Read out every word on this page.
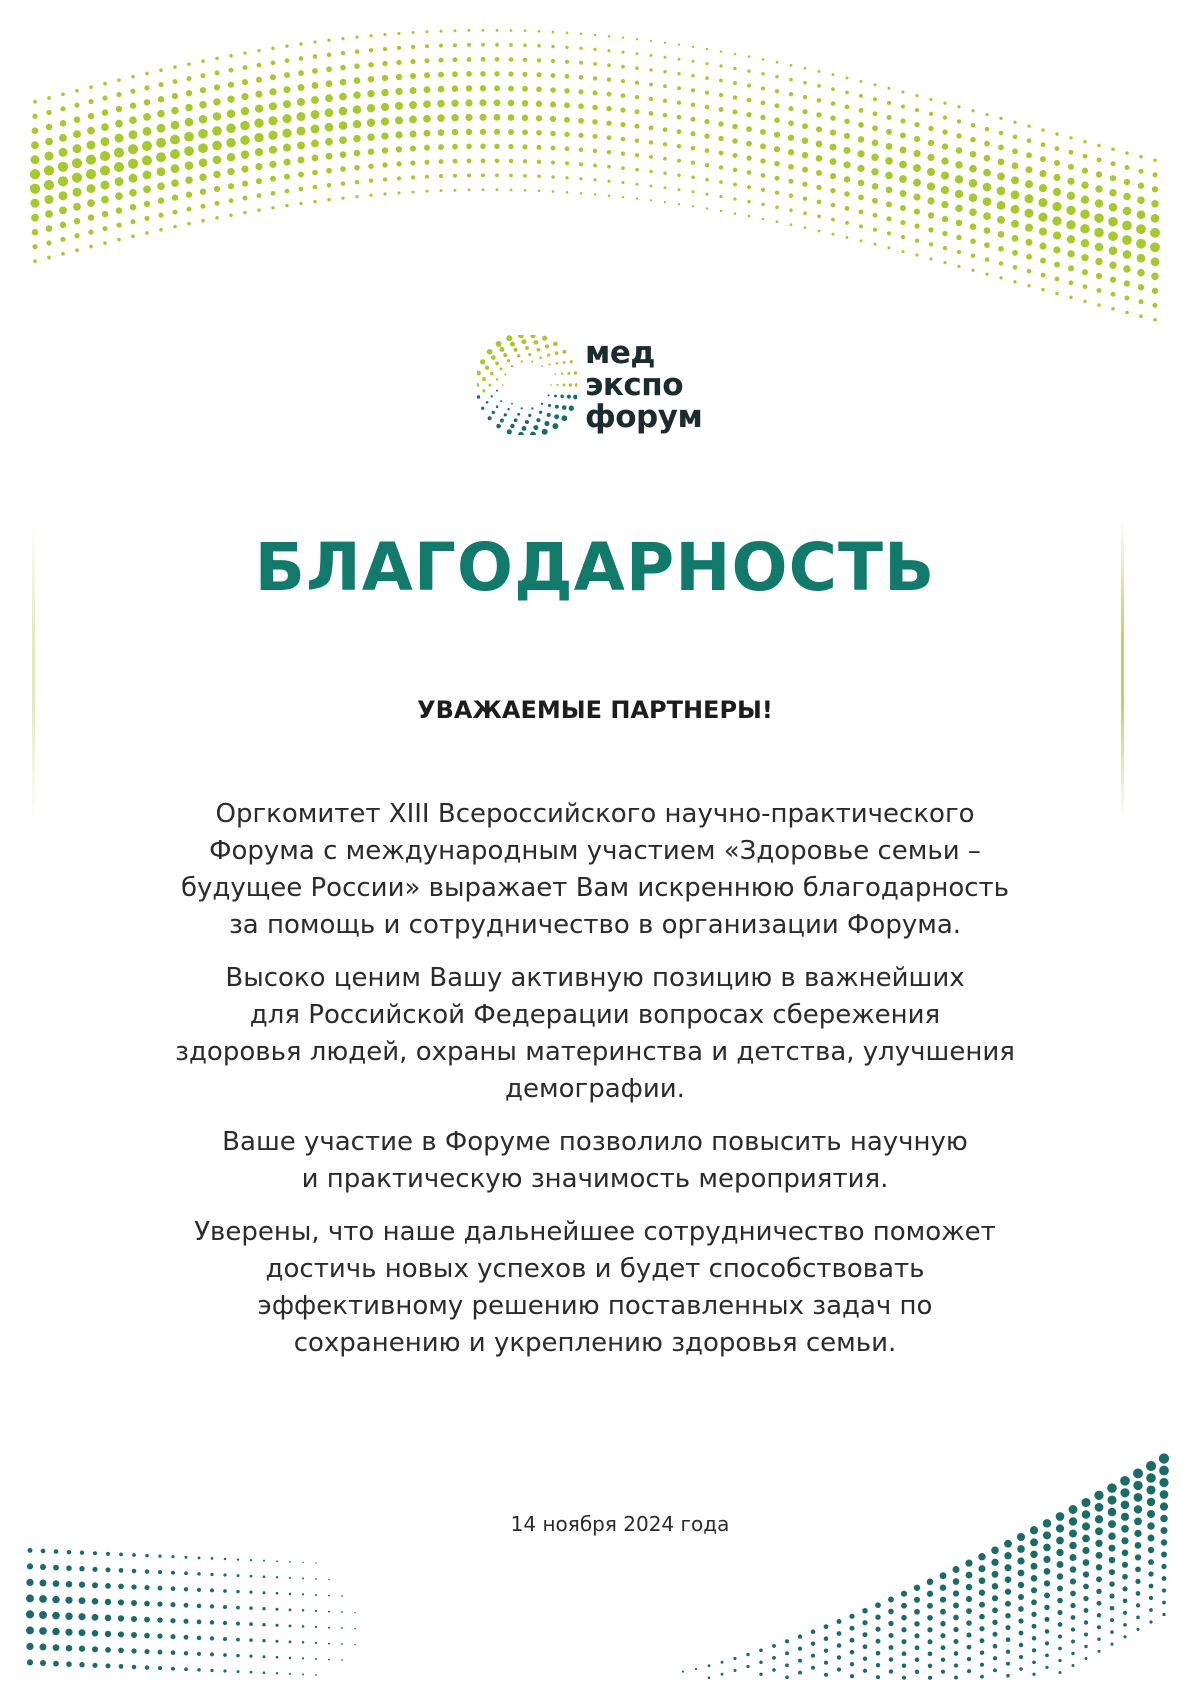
мед
экспо
форум
БЛАГОДАРНОСТЬ
УВАЖАЕМЫЕ ПАРТНЕРЫ!

Оргкомитет XIII Всероссийского научно-практического
Форума с международным участием «Здоровье семьи –
будущее России» выражает Вам искреннюю благодарность
за помощь и сотрудничество в организации Форума.

Высоко ценим Вашу активную позицию в важнейших
для Российской Федерации вопросах сбережения
здоровья людей, охраны материнства и детства, улучшения
демографии.

Ваше участие в Форуме позволило повысить научную
и практическую значимость мероприятия.

Уверены, что наше дальнейшее сотрудничество поможет
достичь новых успехов и будет способствовать
эффективному решению поставленных задач по
сохранению и укреплению здоровья семьи.

14 ноября 2024 года
